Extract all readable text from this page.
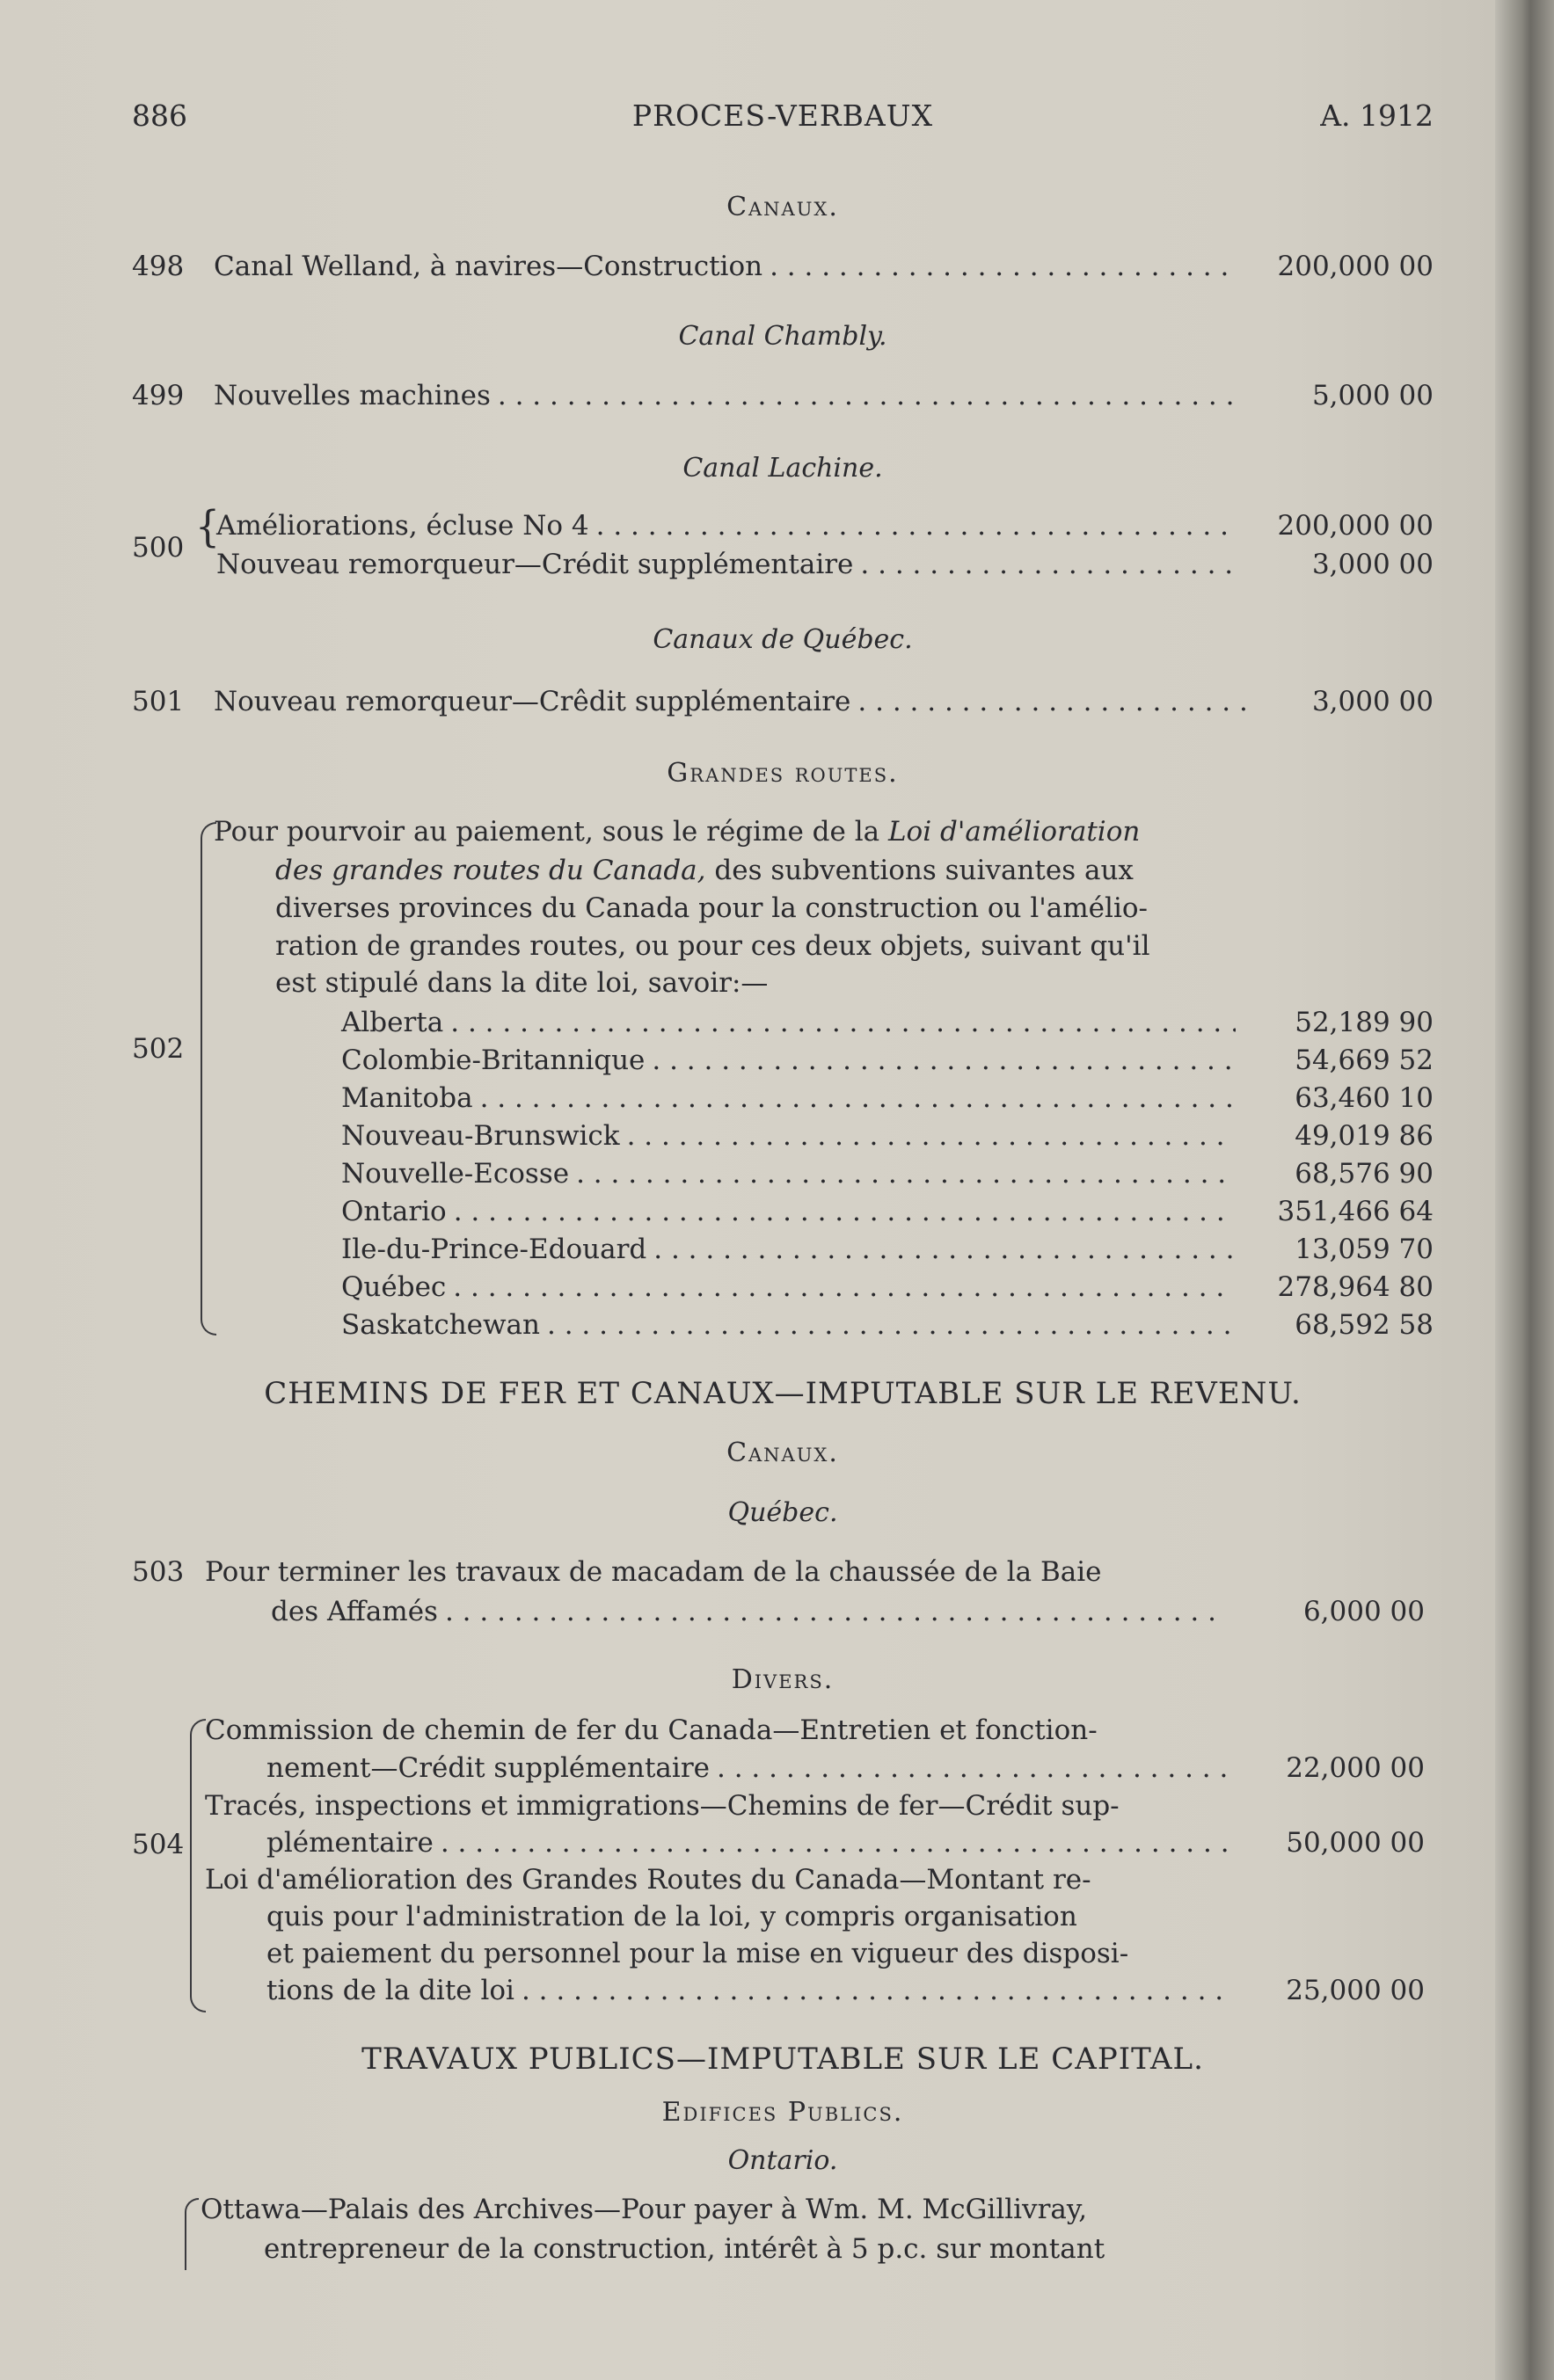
886	PROCES-VERBAUX	A. 1912
Canaux.
498 Canal Welland, à navires—Construction . . .	200,000 00
Canal Chambly.
499 Nouvelles machines . . .	5,000 00
Canal Lachine.
500 {
Améliorations, écluse No 4 . . .	200,000 00
Nouveau remorqueur—Crédit supplémentaire . . .	3,000 00
Canaux de Québec.
501 Nouveau remorqueur—Crêdit supplémentaire . . .	3,000 00
Grandes routes.
502
Pour pourvoir au paiement, sous le régime de la Loi d'amélioration
des grandes routes du Canada, des subventions suivantes aux
diverses provinces du Canada pour la construction ou l'amélio-
ration de grandes routes, ou pour ces deux objets, suivant qu'il
est stipulé dans la dite loi, savoir:—
Alberta . . .	52,189 90
Colombie-Britannique . . .	54,669 52
Manitoba . . .	63,460 10
Nouveau-Brunswick . . .	49,019 86
Nouvelle-Ecosse . . .	68,576 90
Ontario . . .	351,466 64
Ile-du-Prince-Edouard . . .	13,059 70
Québec . . .	278,964 80
Saskatchewan . . .	68,592 58
CHEMINS DE FER ET CANAUX—IMPUTABLE SUR LE REVENU.
Canaux.
Québec.
503 Pour terminer les travaux de macadam de la chaussée de la Baie
des Affamés . . .	6,000 00
Divers.
504
Commission de chemin de fer du Canada—Entretien et fonction-
nement—Crédit supplémentaire . . .	22,000 00
Tracés, inspections et immigrations—Chemins de fer—Crédit sup-
plémentaire . . .	50,000 00
Loi d'amélioration des Grandes Routes du Canada—Montant re-
quis pour l'administration de la loi, y compris organisation
et paiement du personnel pour la mise en vigueur des disposi-
tions de la dite loi . . .	25,000 00
TRAVAUX PUBLICS—IMPUTABLE SUR LE CAPITAL.
Edifices Publics.
Ontario.
Ottawa—Palais des Archives—Pour payer à Wm. M. McGillivray,
entrepreneur de la construction, intérêt à 5 p.c. sur montant
